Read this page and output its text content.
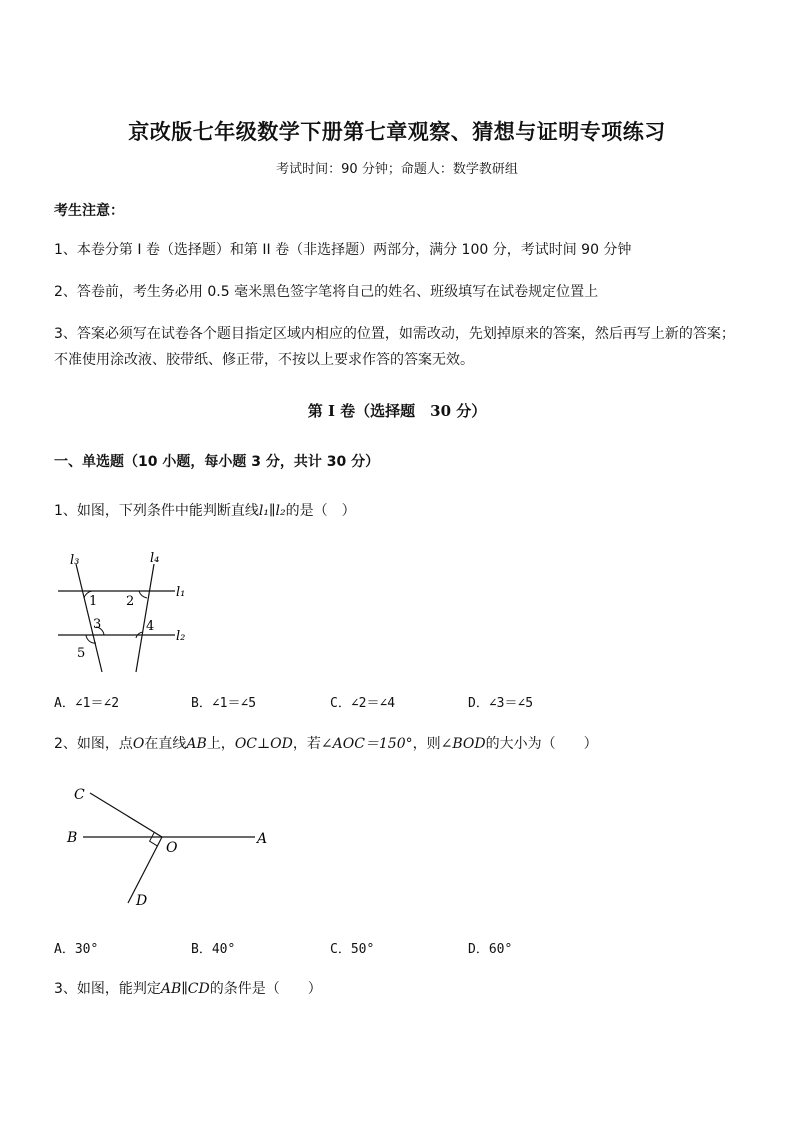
京改版七年级数学下册第七章观察、猜想与证明专项练习
考试时间：90 分钟；命题人：数学教研组
考生注意：
1、本卷分第 I 卷（选择题）和第 II 卷（非选择题）两部分，满分 100 分，考试时间 90 分钟
2、答卷前，考生务必用 0.5 毫米黑色签字笔将自己的姓名、班级填写在试卷规定位置上
3、答案必须写在试卷各个题目指定区域内相应的位置，如需改动，先划掉原来的答案，然后再写上新的答案；不准使用涂改液、胶带纸、修正带，不按以上要求作答的答案无效。
第 I 卷（选择题　30 分）
一、单选题（10 小题，每小题 3 分，共计 30 分）
1、如图，下列条件中能判断直线l₁∥l₂的是（　）
l₃	l₄
l₁
l₂
1 2
3	4
5
A．∠1＝∠2	B．∠1＝∠5	C．∠2＝∠4	D．∠3＝∠5
2、如图，点O在直线AB上，OC⊥OD，若∠AOC＝150°，则∠BOD的大小为（　　）
C
B
O
A
D
A．30°	B．40°	C．50°	D．60°
3、如图，能判定AB∥CD的条件是（　　）
